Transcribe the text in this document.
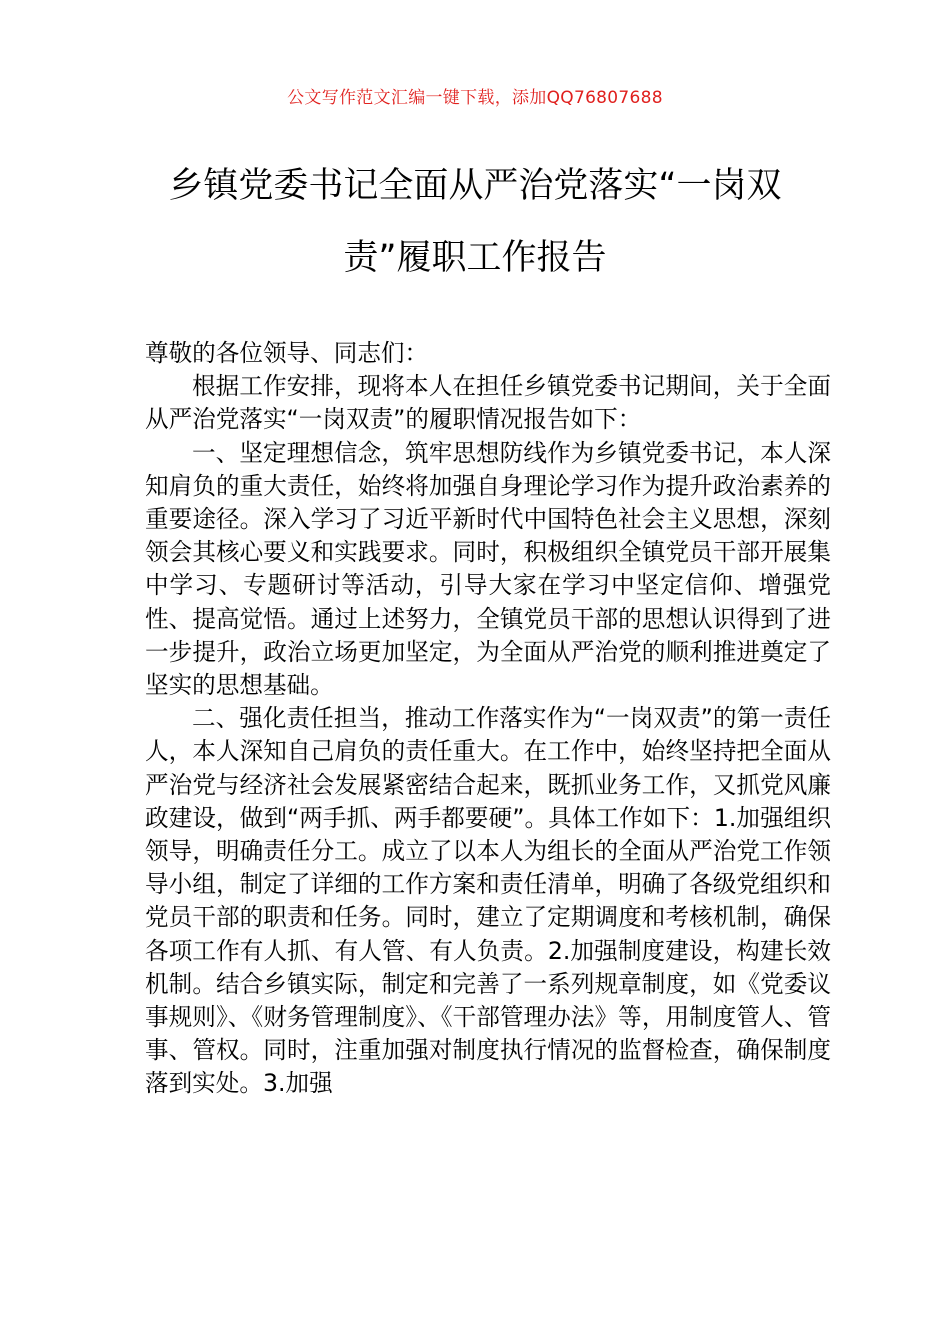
公文写作范文汇编一键下载，添加QQ76807688
乡镇党委书记全面从严治党落实“一岗双
责”履职工作报告

尊敬的各位领导、同志们：

根据工作安排，现将本人在担任乡镇党委书记期间，关于全面从严治党落实“一岗双责”的履职情况报告如下：

一、坚定理想信念，筑牢思想防线作为乡镇党委书记，本人深知肩负的重大责任，始终将加强自身理论学习作为提升政治素养的重要途径。深入学习了习近平新时代中国特色社会主义思想，深刻领会其核心要义和实践要求。同时，积极组织全镇党员干部开展集中学习、专题研讨等活动，引导大家在学习中坚定信仰、增强党性、提高觉悟。通过上述努力，全镇党员干部的思想认识得到了进一步提升，政治立场更加坚定，为全面从严治党的顺利推进奠定了坚实的思想基础。

二、强化责任担当，推动工作落实作为“一岗双责”的第一责任人，本人深知自己肩负的责任重大。在工作中，始终坚持把全面从严治党与经济社会发展紧密结合起来，既抓业务工作，又抓党风廉政建设，做到“两手抓、两手都要硬”。具体工作如下：1.加强组织领导，明确责任分工。成立了以本人为组长的全面从严治党工作领导小组，制定了详细的工作方案和责任清单，明确了各级党组织和党员干部的职责和任务。同时，建立了定期调度和考核机制，确保各项工作有人抓、有人管、有人负责。2.加强制度建设，构建长效机制。结合乡镇实际，制定和完善了一系列规章制度，如《党委议事规则》、《财务管理制度》、《干部管理办法》等，用制度管人、管事、管权。同时，注重加强对制度执行情况的监督检查，确保制度落到实处。3.加强
